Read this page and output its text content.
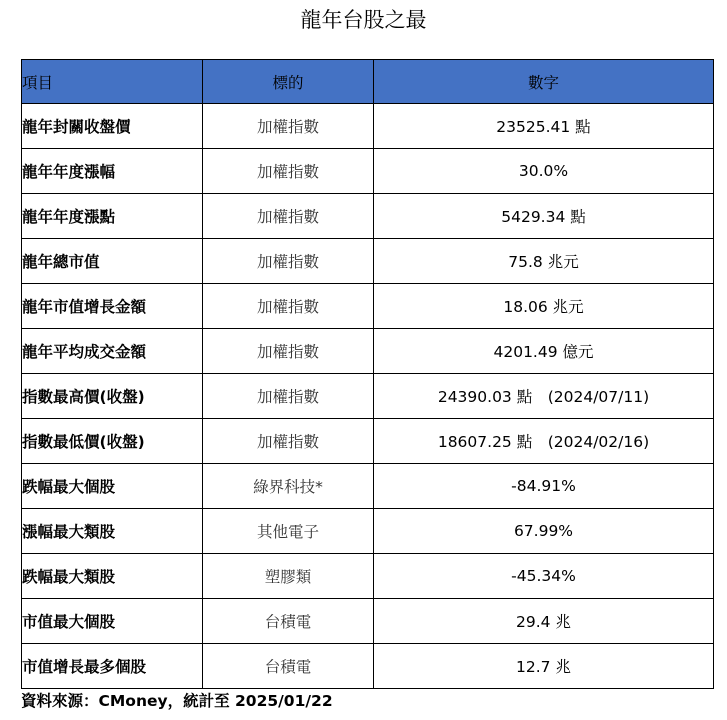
龍年台股之最
項目	標的	數字
龍年封關收盤價	加權指數	23525.41 點
龍年年度漲幅	加權指數	30.0%
龍年年度漲點	加權指數	5429.34 點
龍年總市值	加權指數	75.8 兆元
龍年市值增長金額	加權指數	18.06 兆元
龍年平均成交金額	加權指數	4201.49 億元
指數最高價(收盤)	加權指數	24390.03 點　(2024/07/11)
指數最低價(收盤)	加權指數	18607.25 點　(2024/02/16)
跌幅最大個股	綠界科技*	-84.91%
漲幅最大類股	其他電子	67.99%
跌幅最大類股	塑膠類	-45.34%
市值最大個股	台積電	29.4 兆
市值增長最多個股	台積電	12.7 兆
資料來源：CMoney，統計至 2025/01/22
